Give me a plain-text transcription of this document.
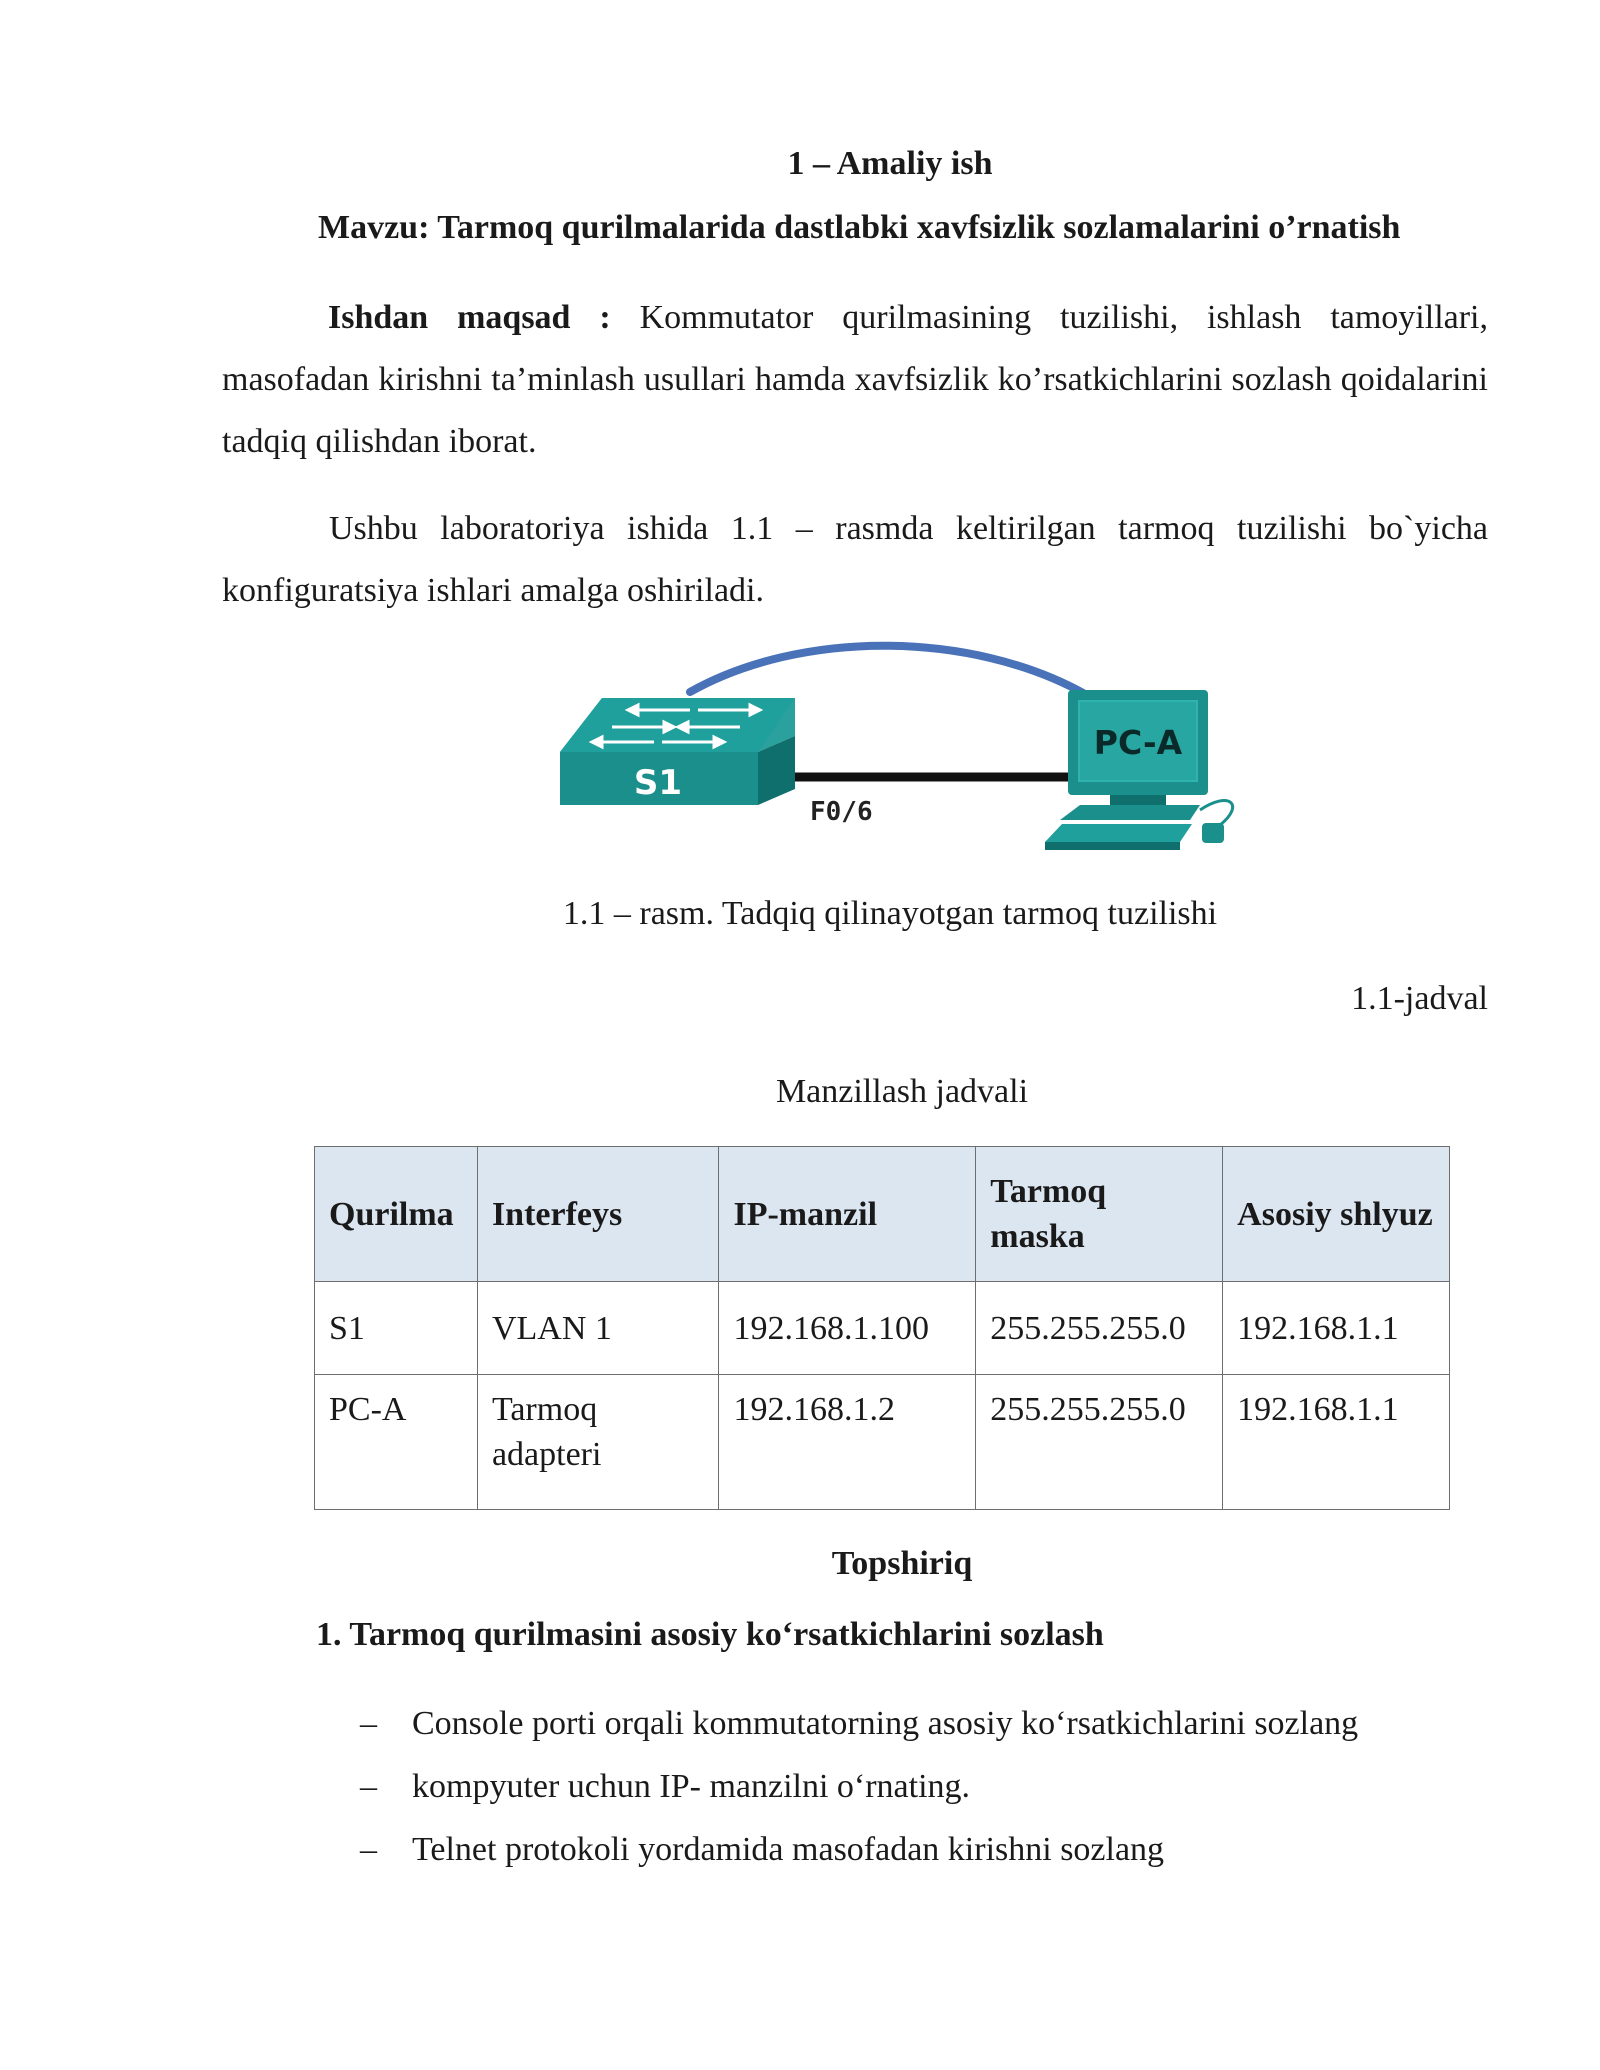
1 – Amaliy ish
Mavzu: Tarmoq qurilmalarida dastlabki xavfsizlik sozlamalarini o’rnatish
Ishdan maqsad : Kommutator qurilmasining tuzilishi, ishlash tamoyillari, masofadan kirishni ta’minlash usullari hamda xavfsizlik ko’rsatkichlarini sozlash qoidalarini tadqiq qilishdan iborat.
Ushbu laboratoriya ishida 1.1 – rasmda keltirilgan tarmoq tuzilishi bo`yicha konfiguratsiya ishlari amalga oshiriladi.
S1
F0/6
PC-A
1.1 – rasm. Tadqiq qilinayotgan tarmoq tuzilishi
1.1-jadval
Manzillash jadvali
Qurilma	Interfeys	IP-manzil	Tarmoq maska	Asosiy shlyuz
S1	VLAN 1	192.168.1.100	255.255.255.0	192.168.1.1
PC-A	Tarmoq adapteri	192.168.1.2	255.255.255.0	192.168.1.1
Topshiriq
1. Tarmoq qurilmasini asosiy ko‘rsatkichlarini sozlash
– Console porti orqali kommutatorning asosiy ko‘rsatkichlarini sozlang
– kompyuter uchun IP- manzilni o‘rnating.
– Telnet protokoli yordamida masofadan kirishni sozlang
